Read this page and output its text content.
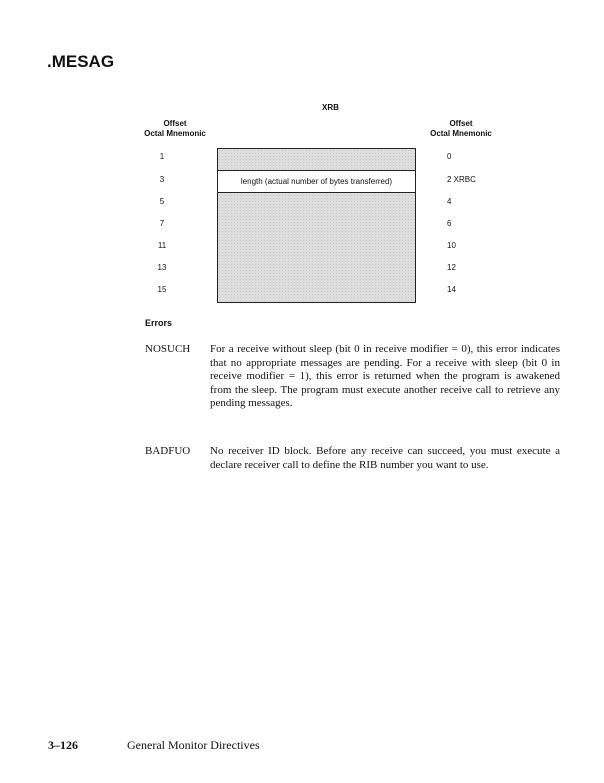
.MESAG
XRB
Offset
Octal Mnemonic
Offset
Octal Mnemonic
1
3
5
7
11
13
15
length (actual number of bytes transferred)
0
2 XRBC
4
6
10
12
14
Errors
NOSUCH For a receive without sleep (bit 0 in receive modifier = 0), this error indicates that no appropriate messages are pending. For a receive with sleep (bit 0 in receive modifier = 1), this error is returned when the program is awakened from the sleep. The program must execute another receive call to retrieve any pending messages.
BADFUO No receiver ID block. Before any receive can succeed, you must execute a declare receiver call to define the RIB number you want to use.
3–126	General Monitor Directives
